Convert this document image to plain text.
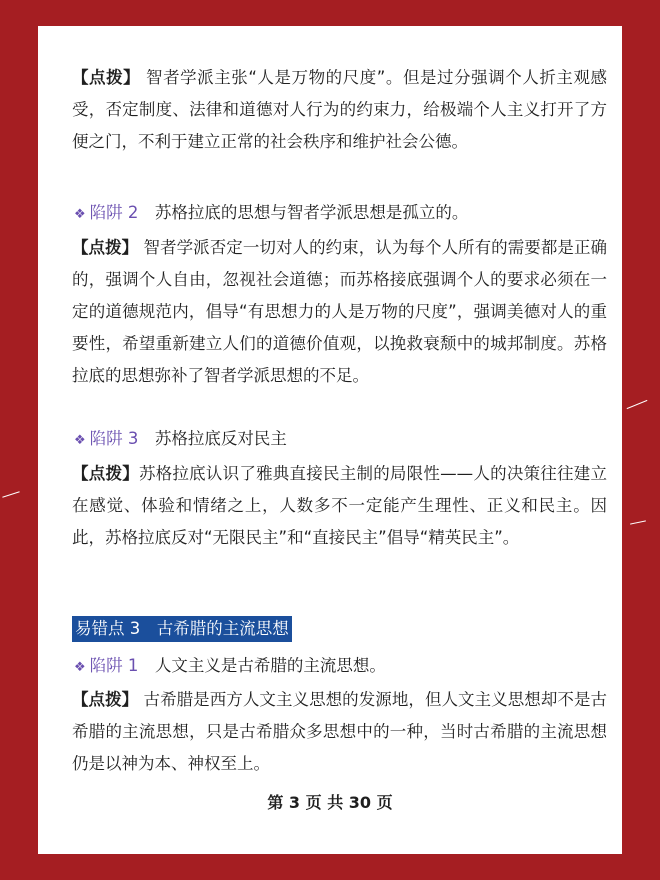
【点拨】 智者学派主张“人是万物的尺度”。但是过分强调个人折主观感受，否定制度、法律和道德对人行为的约束力，给极端个人主义打开了方便之门，不利于建立正常的社会秩序和维护社会公德。
❖ 陷阱 2　 苏格拉底的思想与智者学派思想是孤立的。
【点拨】 智者学派否定一切对人的约束，认为每个人所有的需要都是正确的，强调个人自由，忽视社会道德；而苏格接底强调个人的要求必须在一定的道德规范内，倡导“有思想力的人是万物的尺度”，强调美德对人的重要性，希望重新建立人们的道德价值观，以挽救衰颓中的城邦制度。苏格拉底的思想弥补了智者学派思想的不足。
❖ 陷阱 3　 苏格拉底反对民主
【点拨】苏格拉底认识了雅典直接民主制的局限性——人的决策往往建立在感觉、体验和情绪之上，人数多不一定能产生理性、正义和民主。因此，苏格拉底反对“无限民主”和“直接民主”倡导“精英民主”。
易错点 3　古希腊的主流思想
❖ 陷阱 1　 人文主义是古希腊的主流思想。
【点拨】 古希腊是西方人文主义思想的发源地，但人文主义思想却不是古希腊的主流思想，只是古希腊众多思想中的一种，当时古希腊的主流思想仍是以神为本、神权至上。
第 3 页 共 30 页
